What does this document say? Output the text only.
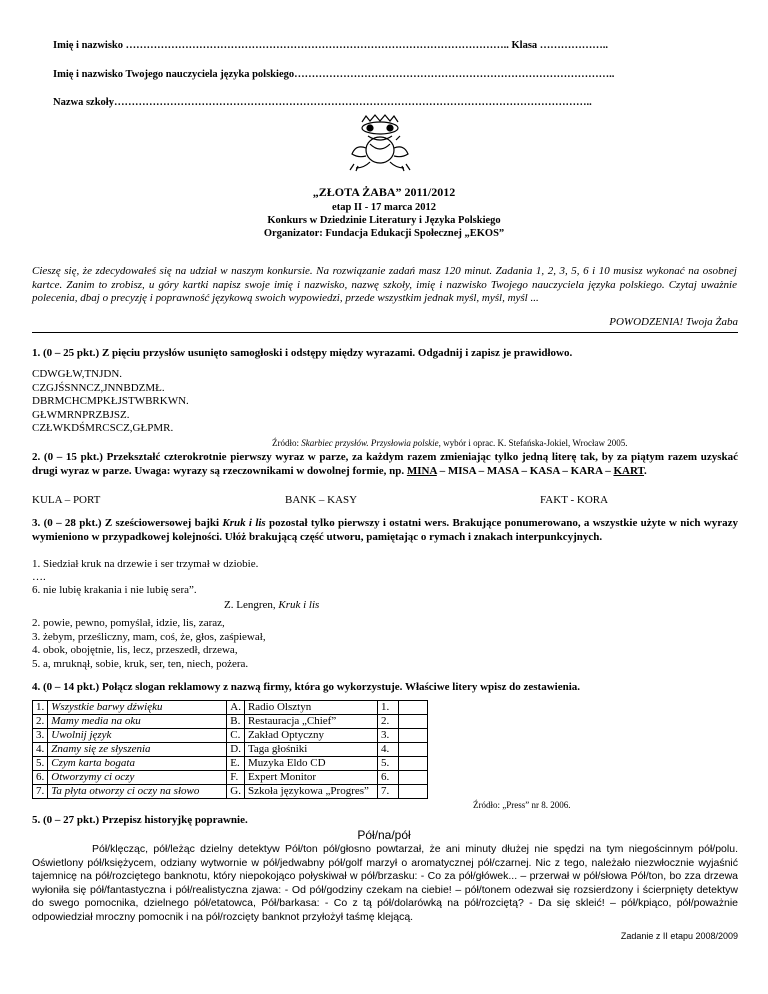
Imię i nazwisko ……………………………………………………………………………………………….. Klasa ………………..
Imię i nazwisko Twojego nauczyciela języka polskiego………………………………………………………………………………..
Nazwa szkoły………………………………………………………………………………………………………………………..
„ZŁOTA ŻABA” 2011/2012
etap II - 17 marca 2012
Konkurs w Dziedzinie Literatury i Języka Polskiego
Organizator: Fundacja Edukacji Społecznej „EKOS”
Cieszę się, że zdecydowałeś się na udział w naszym konkursie. Na rozwiązanie zadań masz 120 minut. Zadania 1, 2, 3, 5, 6 i 10 musisz wykonać na osobnej kartce. Zanim to zrobisz, u góry kartki napisz swoje imię i nazwisko, nazwę szkoły, imię i nazwisko Twojego nauczyciela języka polskiego. Czytaj uważnie polecenia, dbaj o precyzję i poprawność językową swoich wypowiedzi, przede wszystkim jednak myśl, myśl, myśl ...
POWODZENIA! Twoja Żaba
1. (0 – 25 pkt.) Z pięciu przysłów usunięto samogłoski i odstępy między wyrazami. Odgadnij i zapisz je prawidłowo.
CDWGŁW,TNJDN.
CZGJŚSNNCZ,JNNBDZMŁ.
DBRMCHCMPKŁJSTWBRKWN.
GŁWMRNPRZBJSZ.
CZŁWKDŚMRCSCZ,GŁPMR.
Źródło: Skarbiec przysłów. Przysłowia polskie, wybór i oprac. K. Stefańska-Jokiel, Wrocław 2005.
2. (0 – 15 pkt.) Przekształć czterokrotnie pierwszy wyraz w parze, za każdym razem zmieniając tylko jedną literę tak, by za piątym razem uzyskać drugi wyraz w parze. Uwaga: wyrazy są rzeczownikami w dowolnej formie, np. MINA – MISA – MASA – KASA – KARA – KART.
KULA – PORT	BANK – KASY	FAKT - KORA
3. (0 – 28 pkt.) Z sześciowersowej bajki Kruk i lis pozostał tylko pierwszy i ostatni wers. Brakujące ponumerowano, a wszystkie użyte w nich wyrazy wymieniono w przypadkowej kolejności. Ułóż brakującą część utworu, pamiętając o rymach i znakach interpunkcyjnych.
1. Siedział kruk na drzewie i ser trzymał w dziobie.
….
6. nie lubię krakania i nie lubię sera”.
Z. Lengren, Kruk i lis
2. powie, pewno, pomyślał, idzie, lis, zaraz,
3. żebym, prześliczny, mam, coś, że, głos, zaśpiewał,
4. obok, obojętnie, lis, lecz, przeszedł, drzewa,
5. a, mruknął, sobie, kruk, ser, ten, niech, pożera.
4. (0 – 14 pkt.) Połącz slogan reklamowy z nazwą firmy, która go wykorzystuje. Właściwe litery wpisz do zestawienia.
1.	Wszystkie barwy dźwięku	A.	Radio Olsztyn	1.	
2.	Mamy media na oku	B.	Restauracja „Chief”	2.	
3.	Uwolnij język	C.	Zakład Optyczny	3.	
4.	Znamy się ze słyszenia	D.	Taga głośniki	4.	
5.	Czym karta bogata	E.	Muzyka Eldo CD	5.	
6.	Otworzymy ci oczy	F.	Expert Monitor	6.	
7.	Ta płyta otworzy ci oczy na słowo	G.	Szkoła językowa „Progres”	7.	
Źródło: „Press” nr 8. 2006.
5. (0 – 27 pkt.) Przepisz historyjkę poprawnie.
Pół/na/pół
Pół/klęcząc, pół/leżąc dzielny detektyw Pół/ton pół/głosno powtarzał, że ani minuty dłużej nie spędzi na tym niegościnnym pół/polu. Oświetlony pół/księżycem, odziany wytwornie w pół/jedwabny pół/golf marzył o aromatycznej pół/czarnej. Nic z tego, należało niezwłocznie wyjaśnić tajemnicę na pół/rozciętego banknotu, który niepokojąco połyskiwał w pół/brzasku: - Co za pół/główek... – przerwał w pół/słowa Pół/ton, bo zza drzewa wyłoniła się pół/fantastyczna i pół/realistyczna zjawa: - Od pół/godziny czekam na ciebie! – pół/tonem odezwał się rozsierdzony i ścierpnięty detektyw do swego pomocnika, dzielnego pół/etatowca, Pół/barkasa: - Co z tą pół/dolarówką na pół/rozciętą? - Da się skleić! – pół/kpiąco, pół/poważnie odpowiedział mroczny pomocnik i na pół/rozcięty banknot przyłożył taśmę klejącą.
Zadanie z II etapu 2008/2009
